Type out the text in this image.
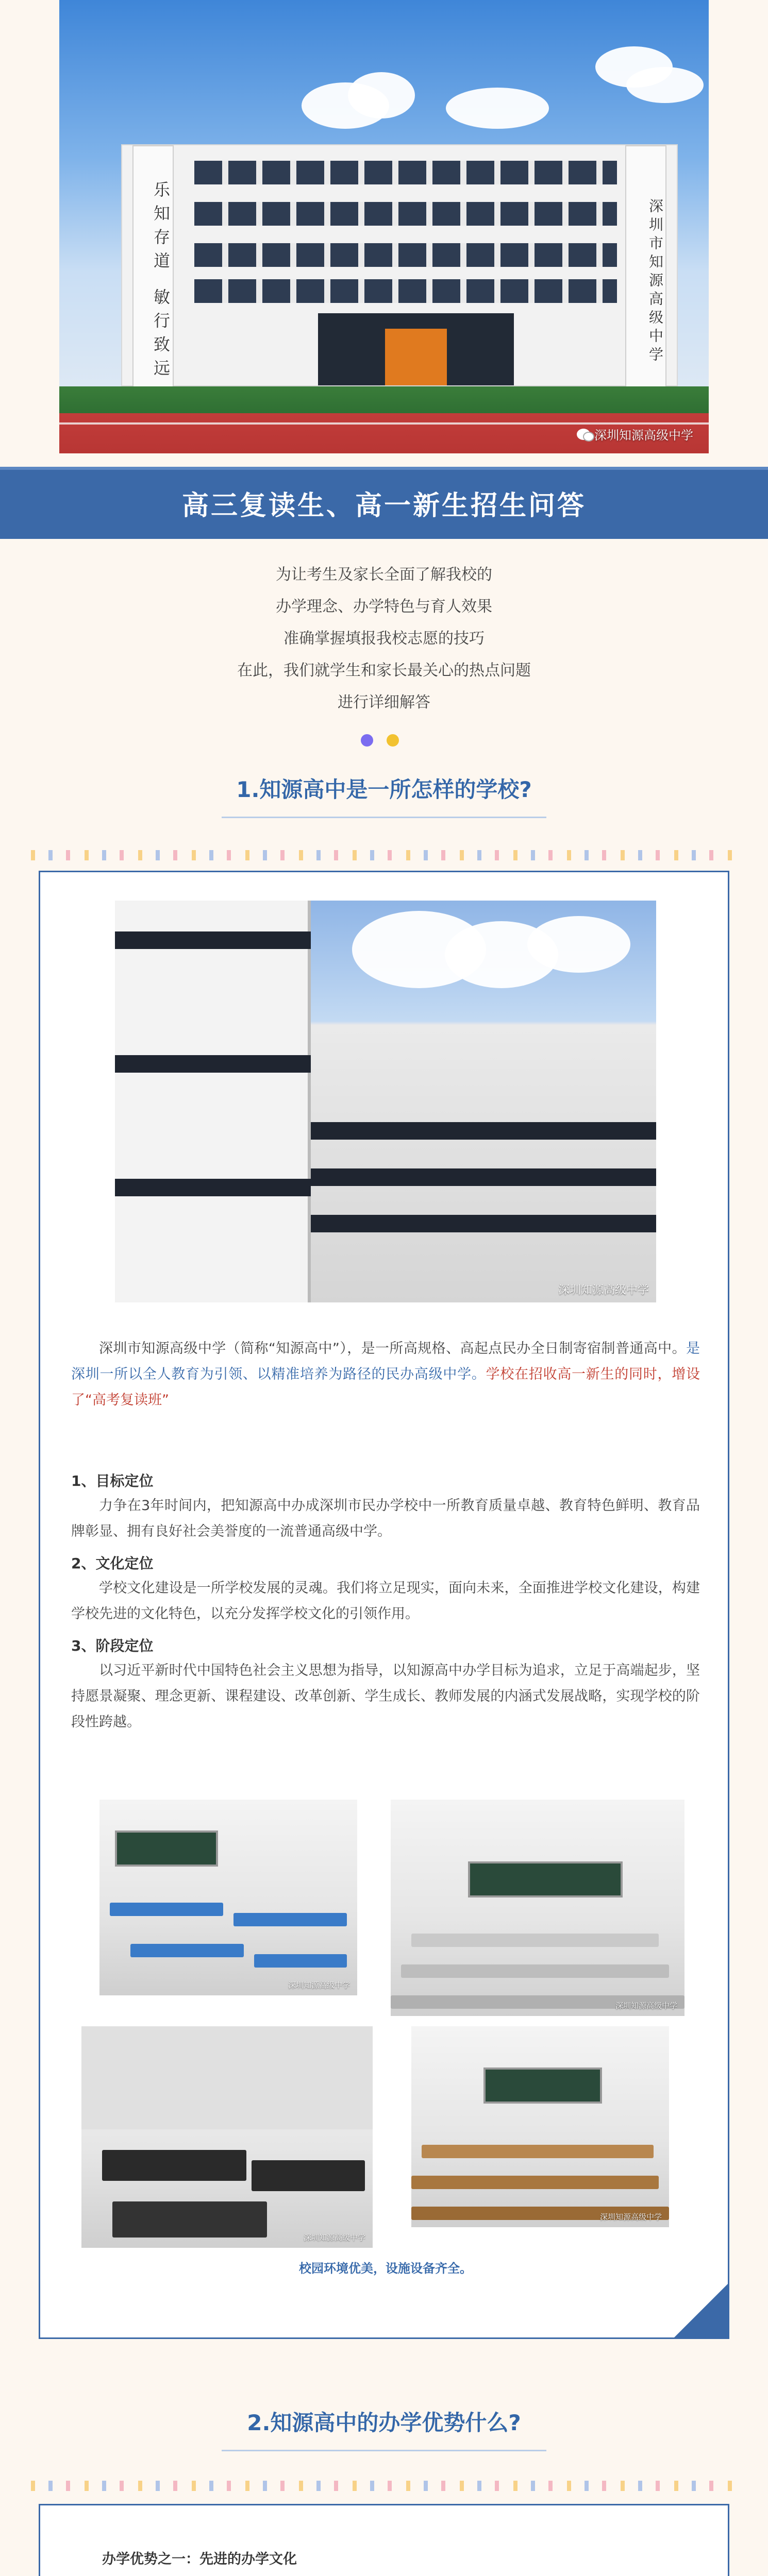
乐知存道 敏行致远	深圳市知源高级中学
深圳知源高级中学
高三复读生、高一新生招生问答
为让考生及家长全面了解我校的
办学理念、办学特色与育人效果
准确掌握填报我校志愿的技巧
在此，我们就学生和家长最关心的热点问题
进行详细解答
1.知源高中是一所怎样的学校?
深圳知源高级中学
深圳市知源高级中学（简称“知源高中”），是一所高规格、高起点民办全日制寄宿制普通高中。是深圳一所以全人教育为引领、以精准培养为路径的民办高级中学。学校在招收高一新生的同时，增设了“高考复读班”
1、目标定位
力争在3年时间内，把知源高中办成深圳市民办学校中一所教育质量卓越、教育特色鲜明、教育品牌彰显、拥有良好社会美誉度的一流普通高级中学。
2、文化定位
学校文化建设是一所学校发展的灵魂。我们将立足现实，面向未来，全面推进学校文化建设，构建学校先进的文化特色，以充分发挥学校文化的引领作用。
3、阶段定位
以习近平新时代中国特色社会主义思想为指导，以知源高中办学目标为追求，立足于高端起步，坚持愿景凝聚、理念更新、课程建设、改革创新、学生成长、教师发展的内涵式发展战略，实现学校的阶段性跨越。
深圳知源高级中学
深圳知源高级中学
深圳知源高级中学
深圳知源高级中学
校园环境优美，设施设备齐全。
2.知源高中的办学优势什么?
办学优势之一：先进的办学文化
